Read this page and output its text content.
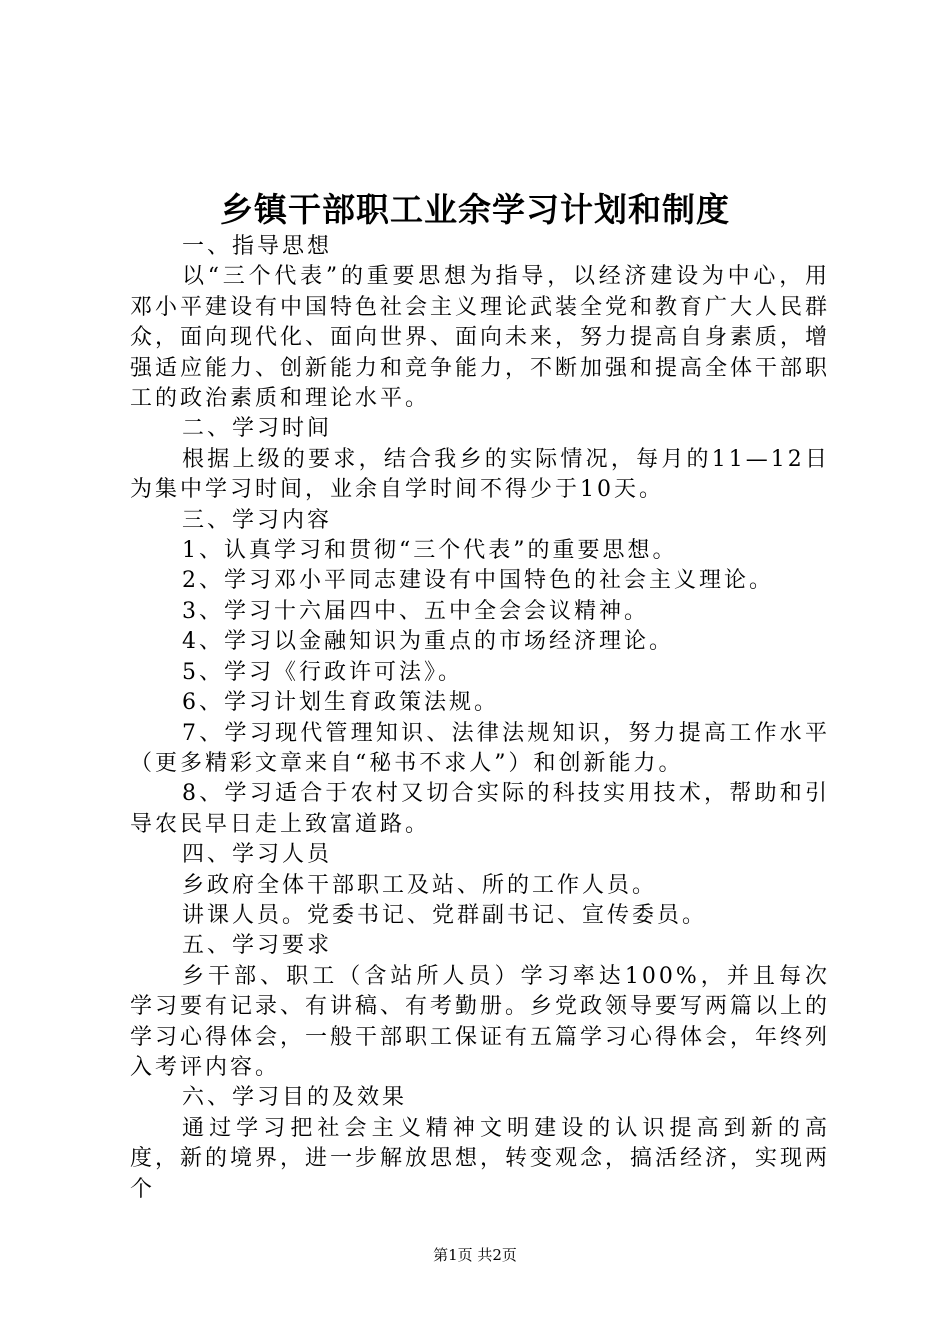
乡镇干部职工业余学习计划和制度

一、指导思想

以“三个代表”的重要思想为指导，以经济建设为中心，用邓小平建设有中国特色社会主义理论武装全党和教育广大人民群众，面向现代化、面向世界、面向未来，努力提高自身素质，增强适应能力、创新能力和竞争能力，不断加强和提高全体干部职工的政治素质和理论水平。

二、学习时间

根据上级的要求，结合我乡的实际情况，每月的11—12日为集中学习时间，业余自学时间不得少于10天。

三、学习内容

1、认真学习和贯彻“三个代表”的重要思想。

2、学习邓小平同志建设有中国特色的社会主义理论。

3、学习十六届四中、五中全会会议精神。

4、学习以金融知识为重点的市场经济理论。

5、学习《行政许可法》。

6、学习计划生育政策法规。

7、学习现代管理知识、法律法规知识，努力提高工作水平（更多精彩文章来自“秘书不求人”）和创新能力。

8、学习适合于农村又切合实际的科技实用技术，帮助和引导农民早日走上致富道路。

四、学习人员

乡政府全体干部职工及站、所的工作人员。

讲课人员。党委书记、党群副书记、宣传委员。

五、学习要求

乡干部、职工（含站所人员）学习率达100%，并且每次学习要有记录、有讲稿、有考勤册。乡党政领导要写两篇以上的学习心得体会，一般干部职工保证有五篇学习心得体会，年终列入考评内容。

六、学习目的及效果

通过学习把社会主义精神文明建设的认识提高到新的高度，新的境界，进一步解放思想，转变观念，搞活经济，实现两个

第1页 共2页
